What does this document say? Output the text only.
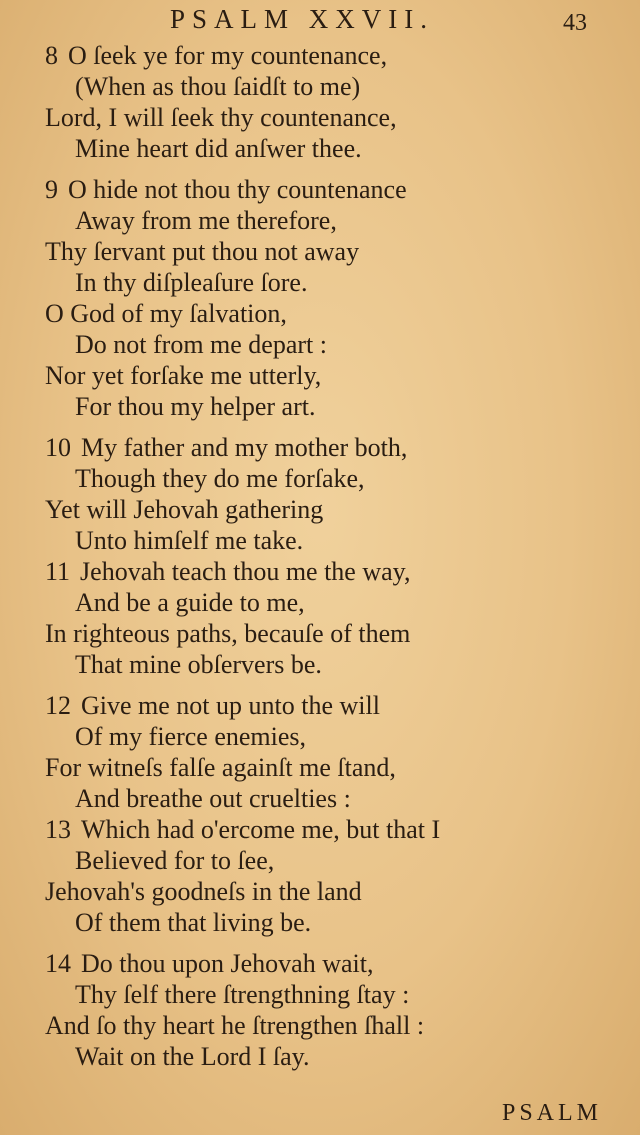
PSALM XXVII.	43
8 O ſeek ye for my countenance,
(When as thou ſaidſt to me)
Lord, I will ſeek thy countenance,
Mine heart did anſwer thee.
9 O hide not thou thy countenance
Away from me therefore,
Thy ſervant put thou not away
In thy diſpleaſure ſore.
O God of my ſalvation,
Do not from me depart :
Nor yet forſake me utterly,
For thou my helper art.
10 My father and my mother both,
Though they do me forſake,
Yet will Jehovah gathering
Unto himſelf me take.
11 Jehovah teach thou me the way,
And be a guide to me,
In righteous paths, becauſe of them
That mine obſervers be.
12 Give me not up unto the will
Of my fierce enemies,
For witneſs falſe againſt me ſtand,
And breathe out cruelties :
13 Which had o'ercome me, but that I
Believed for to ſee,
Jehovah's goodneſs in the land
Of them that living be.
14 Do thou upon Jehovah wait,
Thy ſelf there ſtrengthning ſtay :
And ſo thy heart he ſtrengthen ſhall :
Wait on the Lord I ſay.
PSALM
